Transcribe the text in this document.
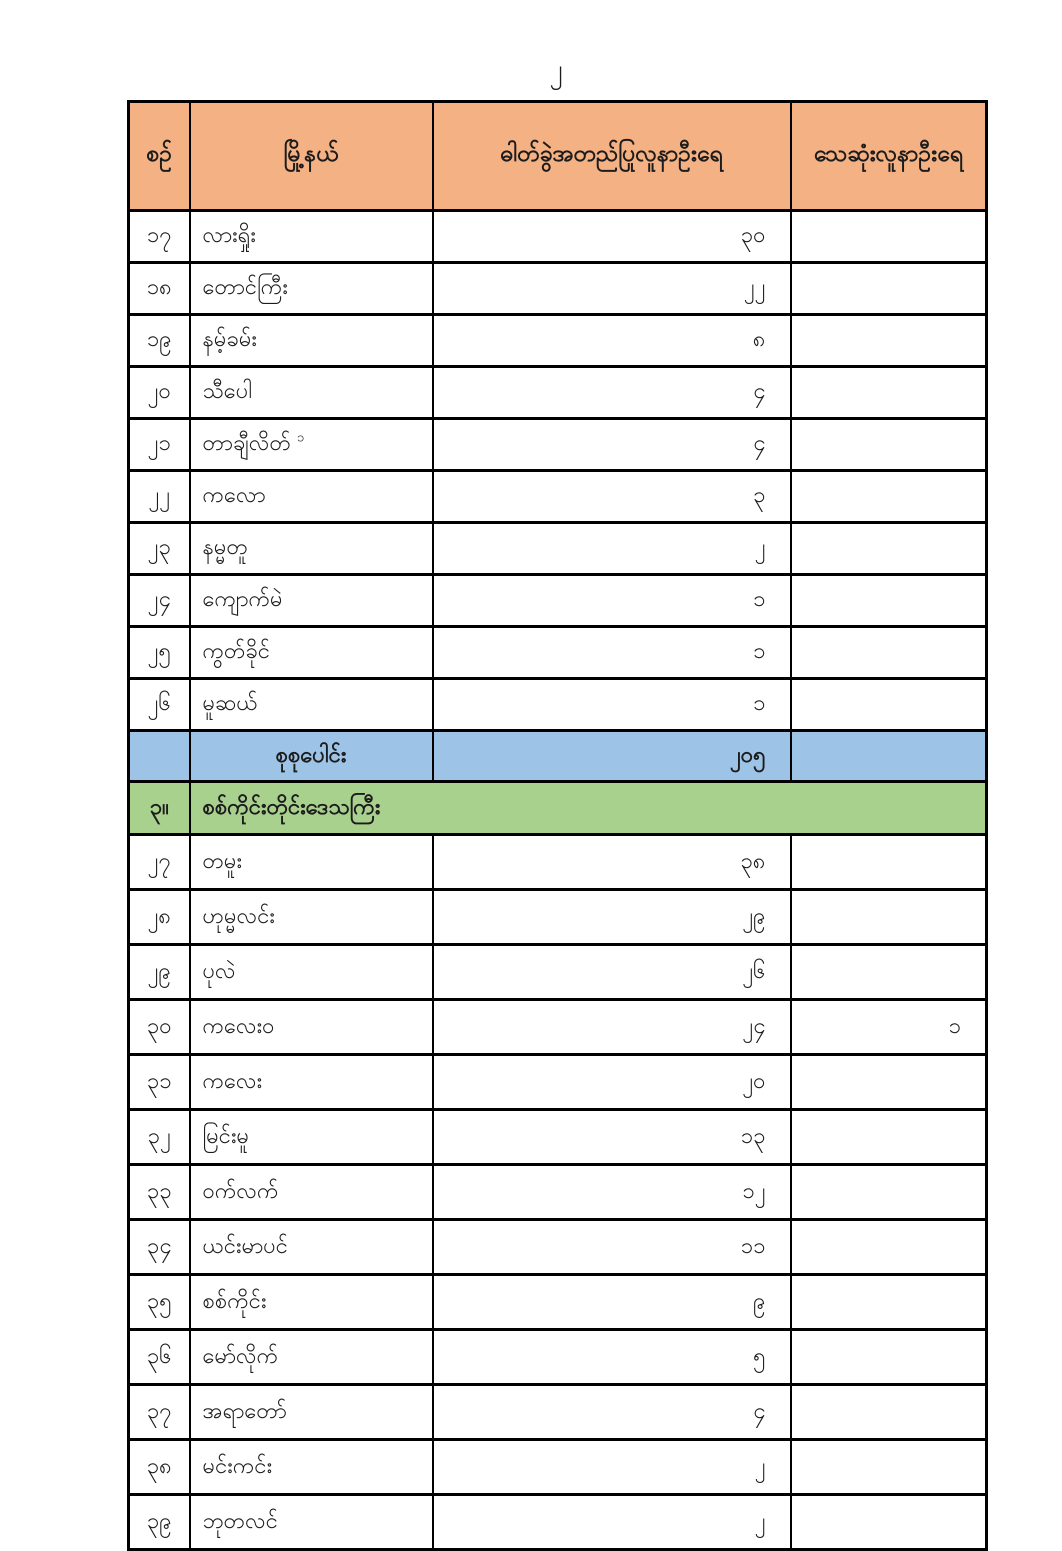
၂
စဉ်	မြို့နယ်	ဓါတ်ခွဲအတည်ပြုလူနာဦးရေ	သေဆုံးလူနာဦးရေ
၁၇	လားရှိုး	၃၀	
၁၈	တောင်ကြီး	၂၂	
၁၉	နမ့်ခမ်း	၈	
၂၀	သီပေါ	၄	
၂၁	တာချီလိတ် $^၁$	၄	
၂၂	ကလော	၃	
၂၃	နမ္မတူ	၂	
၂၄	ကျောက်မဲ	၁	
၂၅	ကွတ်ခိုင်	၁	
၂၆	မူဆယ်	၁	
	စုစုပေါင်း	၂၀၅	
၃။	စစ်ကိုင်းတိုင်းဒေသကြီး		
၂၇	တမူး	၃၈	
၂၈	ဟုမ္မလင်း	၂၉	
၂၉	ပုလဲ	၂၆	
၃၀	ကလေးဝ	၂၄	၁
၃၁	ကလေး	၂၀	
၃၂	မြင်းမူ	၁၃	
၃၃	ဝက်လက်	၁၂	
၃၄	ယင်းမာပင်	၁၁	
၃၅	စစ်ကိုင်း	၉	
၃၆	မော်လိုက်	၅	
၃၇	အရာတော်	၄	
၃၈	မင်းကင်း	၂	
၃၉	ဘုတလင်	၂	
